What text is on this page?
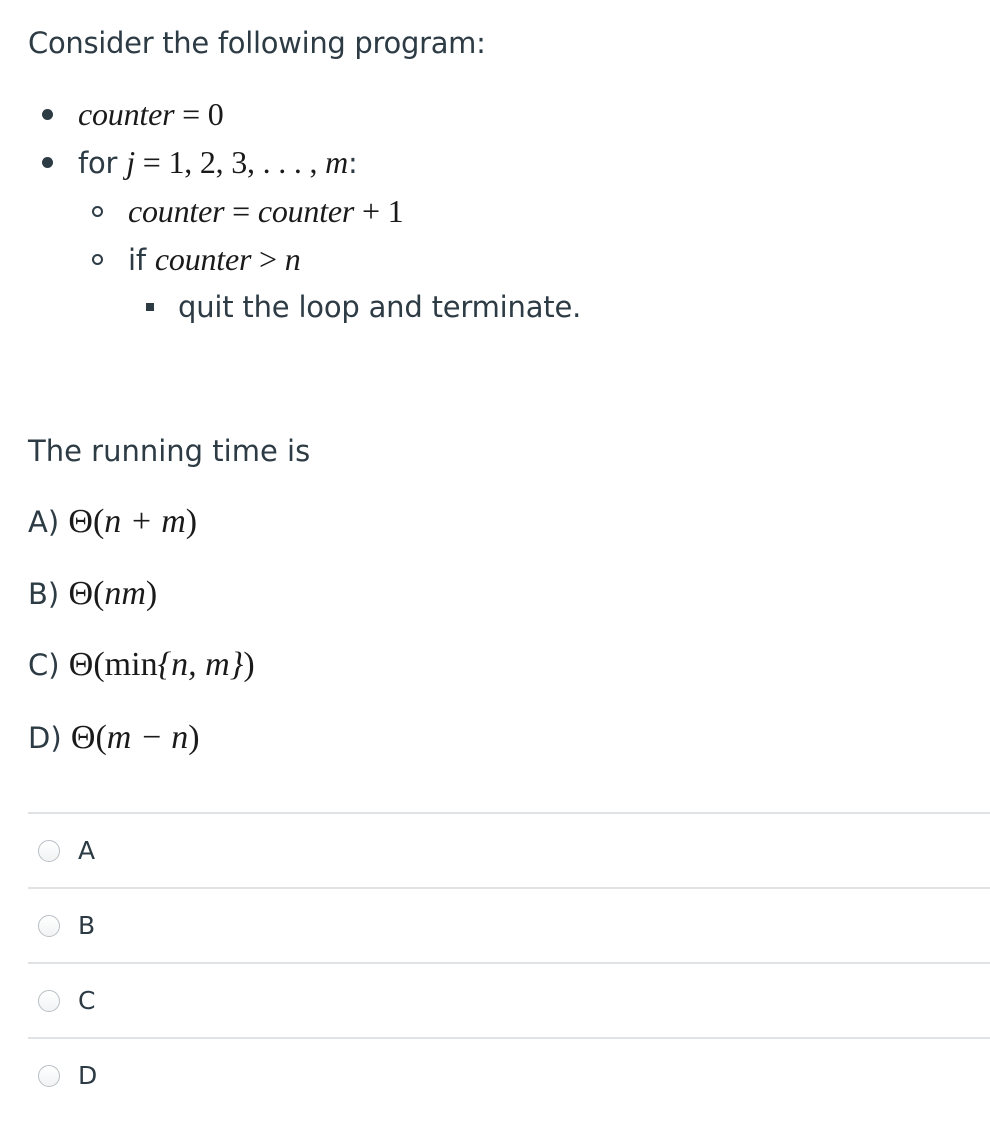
Consider the following program:
counter = 0
for j = 1, 2, 3, . . . , m:
counter = counter + 1
if counter > n
quit the loop and terminate.
The running time is
A) Θ(n + m)
B) Θ(nm)
C) Θ(min{n, m})
D) Θ(m − n)
A
B
C
D
